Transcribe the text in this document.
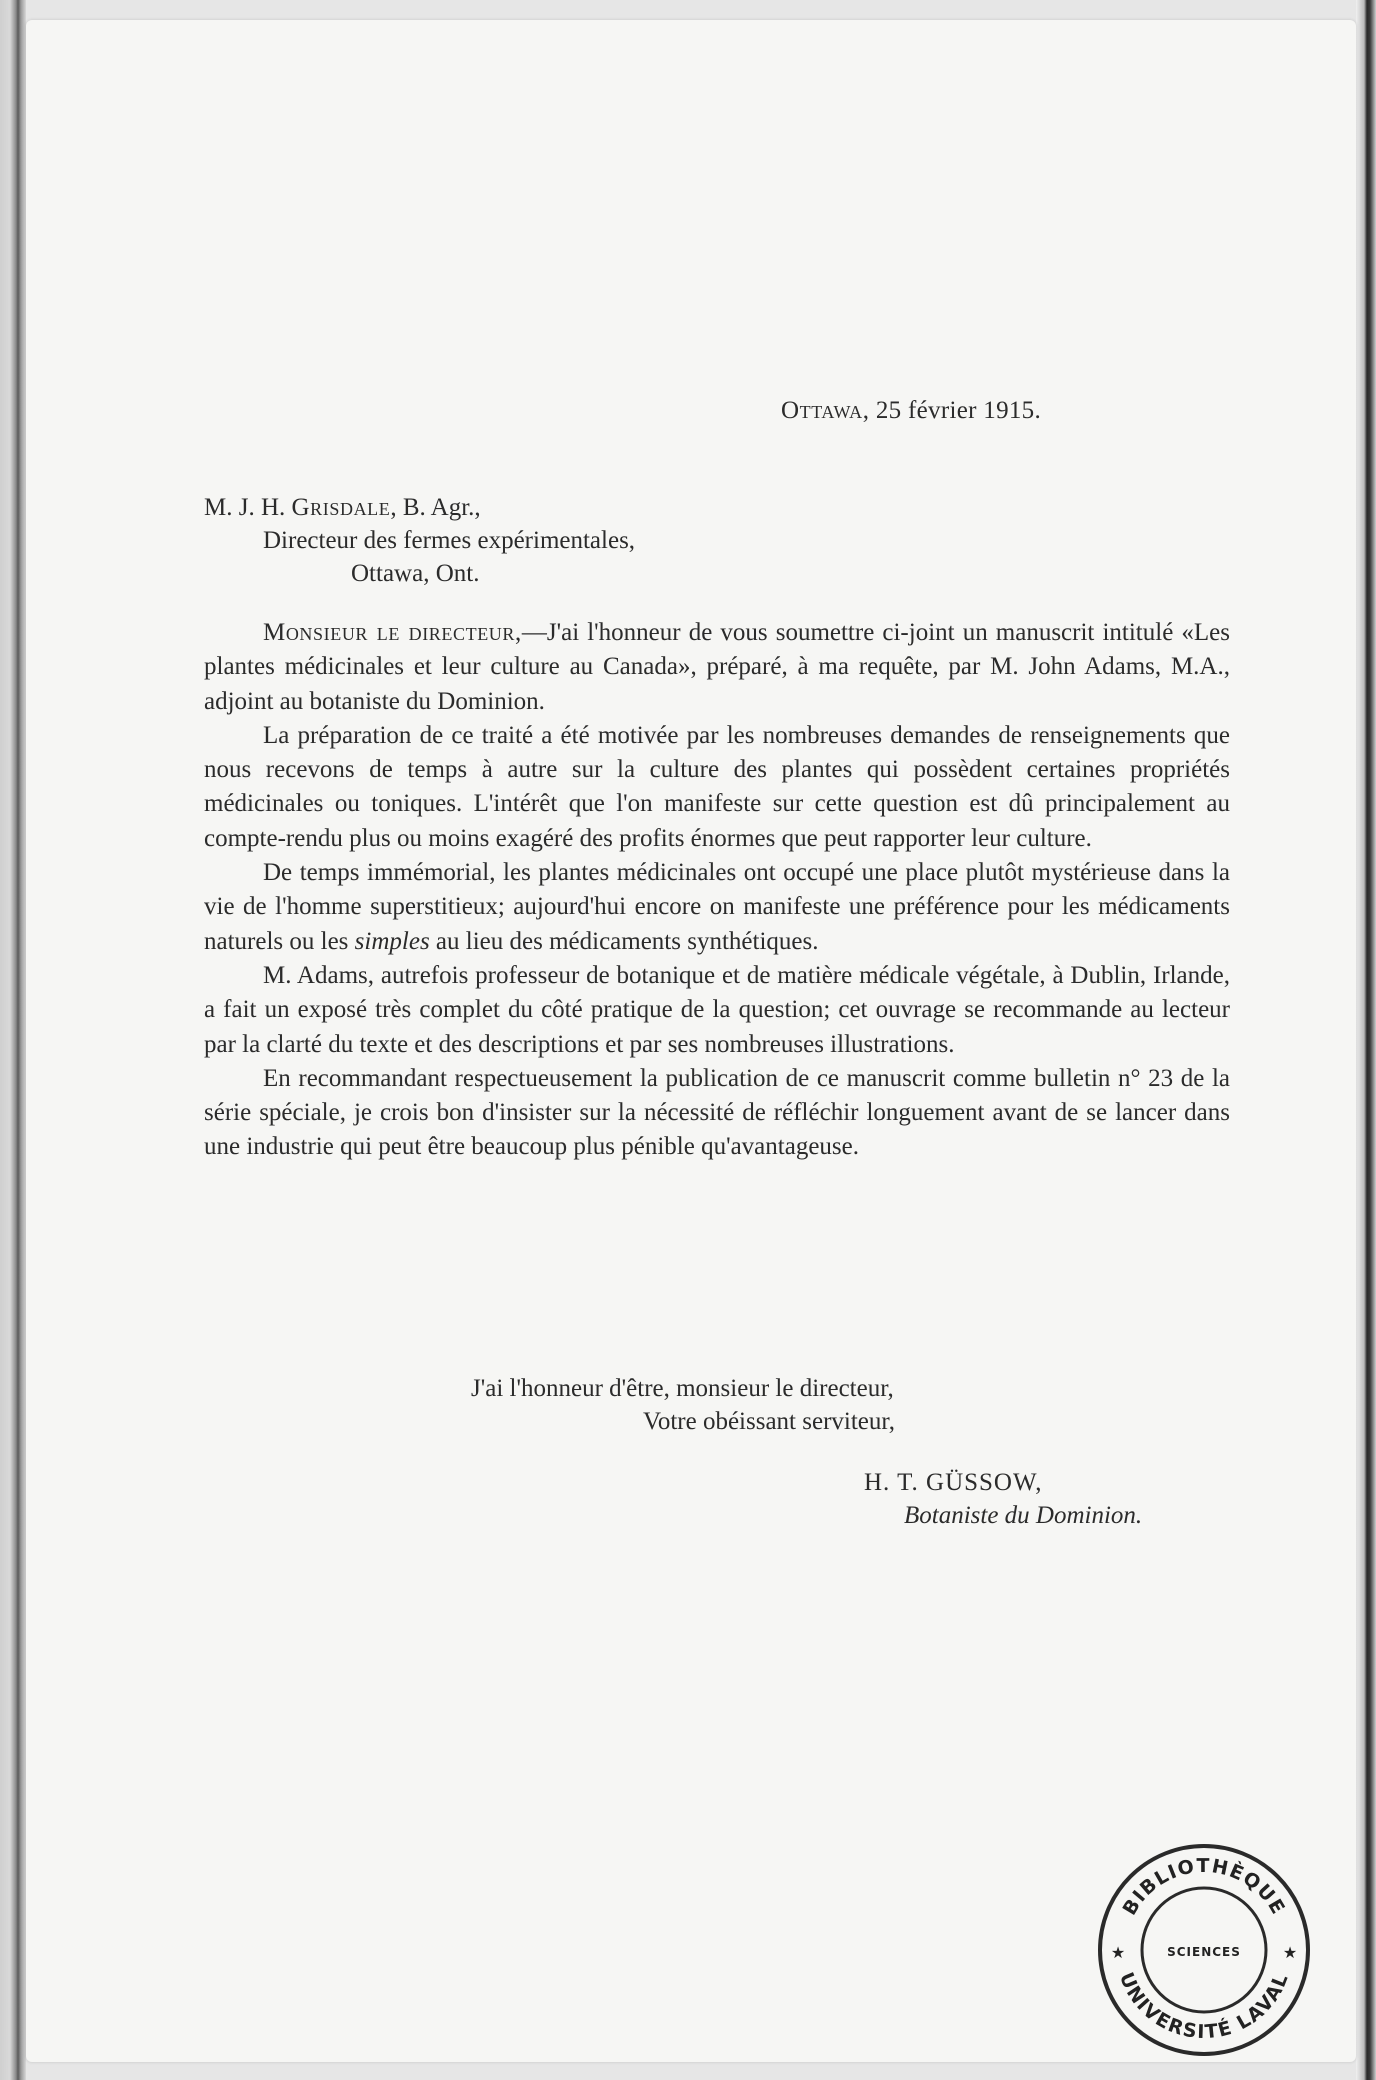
Ottawa, 25 février 1915.
M. J. H. Grisdale, B. Agr.,
Directeur des fermes expérimentales,
Ottawa, Ont.

Monsieur le directeur,—J'ai l'honneur de vous soumettre ci-joint un manuscrit intitulé «Les plantes médicinales et leur culture au Canada», préparé, à ma requête, par M. John Adams, M.A., adjoint au botaniste du Dominion.

La préparation de ce traité a été motivée par les nombreuses demandes de renseignements que nous recevons de temps à autre sur la culture des plantes qui possèdent certaines propriétés médicinales ou toniques. L'intérêt que l'on manifeste sur cette question est dû principalement au compte-rendu plus ou moins exagéré des profits énormes que peut rapporter leur culture.

De temps immémorial, les plantes médicinales ont occupé une place plutôt mystérieuse dans la vie de l'homme superstitieux; aujourd'hui encore on manifeste une préférence pour les médicaments naturels ou les simples au lieu des médicaments synthétiques.

M. Adams, autrefois professeur de botanique et de matière médicale végétale, à Dublin, Irlande, a fait un exposé très complet du côté pratique de la question; cet ouvrage se recommande au lecteur par la clarté du texte et des descriptions et par ses nombreuses illustrations.

En recommandant respectueusement la publication de ce manuscrit comme bulletin n° 23 de la série spéciale, je crois bon d'insister sur la nécessité de réfléchir longuement avant de se lancer dans une industrie qui peut être beaucoup plus pénible qu'avantageuse.

J'ai l'honneur d'être, monsieur le directeur,
Votre obéissant serviteur,
H. T. GÜSSOW,
Botaniste du Dominion.
BIBLIOTHÈQUE
UNIVERSITÉ LAVAL
SCIENCES
★	★
